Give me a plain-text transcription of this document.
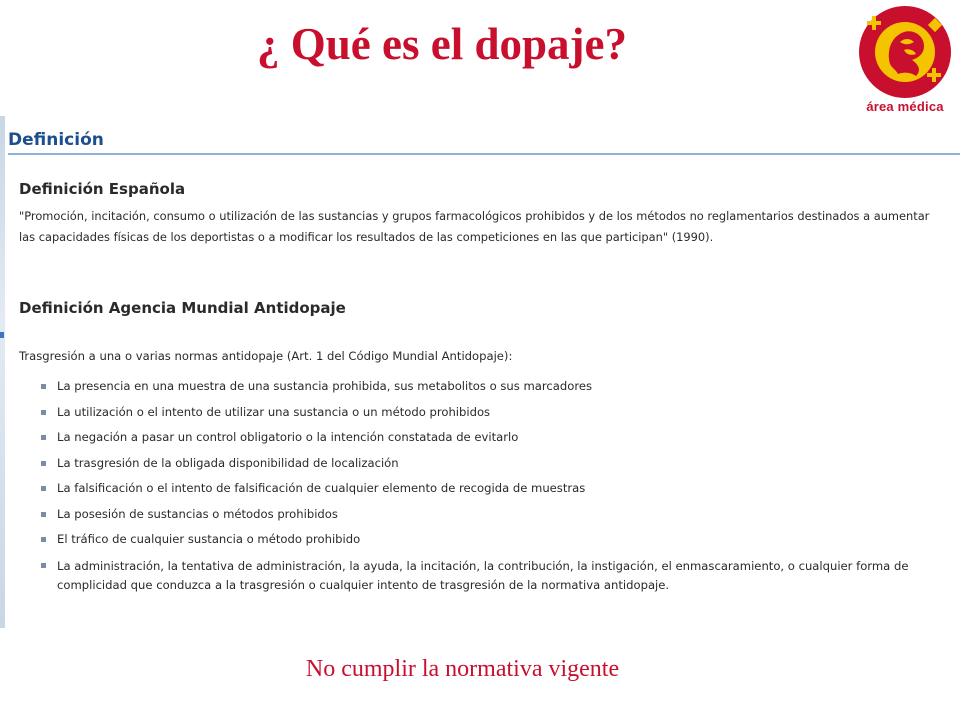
¿ Qué es el dopaje?
área médica
Definición
Definición Española
"Promoción, incitación, consumo o utilización de las sustancias y grupos farmacológicos prohibidos y de los métodos no reglamentarios destinados a aumentar las capacidades físicas de los deportistas o a modificar los resultados de las competiciones en las que participan" (1990).
Definición Agencia Mundial Antidopaje
Trasgresión a una o varias normas antidopaje (Art. 1 del Código Mundial Antidopaje):
La presencia en una muestra de una sustancia prohibida, sus metabolitos o sus marcadores
La utilización o el intento de utilizar una sustancia o un método prohibidos
La negación a pasar un control obligatorio o la intención constatada de evitarlo
La trasgresión de la obligada disponibilidad de localización
La falsificación o el intento de falsificación de cualquier elemento de recogida de muestras
La posesión de sustancias o métodos prohibidos
El tráfico de cualquier sustancia o método prohibido
La administración, la tentativa de administración, la ayuda, la incitación, la contribución, la instigación, el enmascaramiento, o cualquier forma de complicidad que conduzca a la trasgresión o cualquier intento de trasgresión de la normativa antidopaje.
No cumplir la normativa vigente
